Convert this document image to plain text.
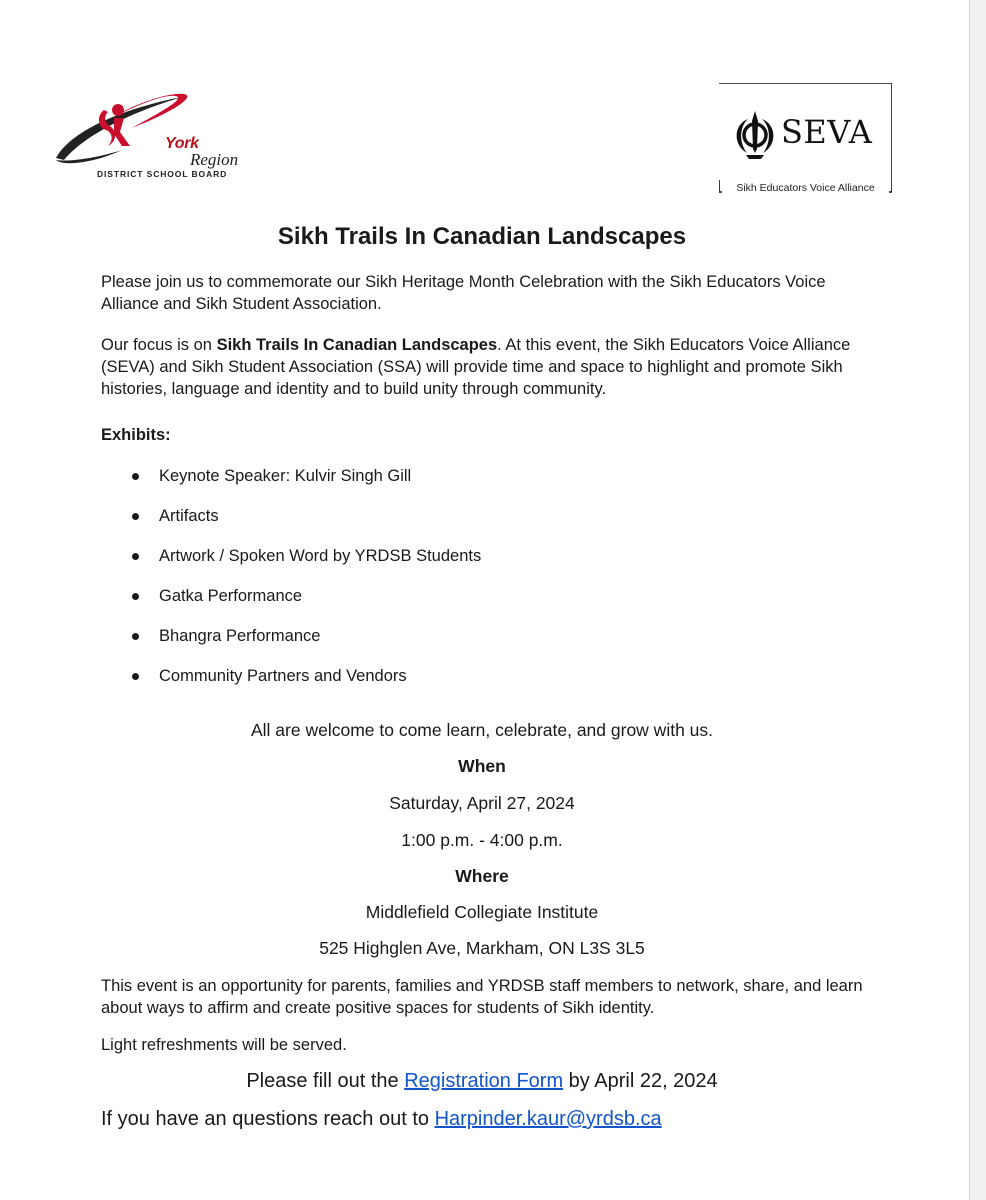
York
Region
DISTRICT SCHOOL BOARD
SEVA
Sikh Educators Voice Alliance
Sikh Trails In Canadian Landscapes

Please join us to commemorate our Sikh Heritage Month Celebration with the Sikh Educators Voice Alliance and Sikh Student Association.

Our focus is on Sikh Trails In Canadian Landscapes. At this event, the Sikh Educators Voice Alliance (SEVA) and Sikh Student Association (SSA) will provide time and space to highlight and promote Sikh histories, language and identity and to build unity through community.

Exhibits:

Keynote Speaker: Kulvir Singh Gill
Artifacts
Artwork / Spoken Word by YRDSB Students
Gatka Performance
Bhangra Performance
Community Partners and Vendors

All are welcome to come learn, celebrate, and grow with us.

When

Saturday, April 27, 2024

1:00 p.m. - 4:00 p.m.

Where

Middlefield Collegiate Institute

525 Highglen Ave, Markham, ON L3S 3L5

This event is an opportunity for parents, families and YRDSB staff members to network, share, and learn about ways to affirm and create positive spaces for students of Sikh identity.

Light refreshments will be served.

Please fill out the Registration Form by April 22, 2024

If you have an questions reach out to Harpinder.kaur@yrdsb.ca
